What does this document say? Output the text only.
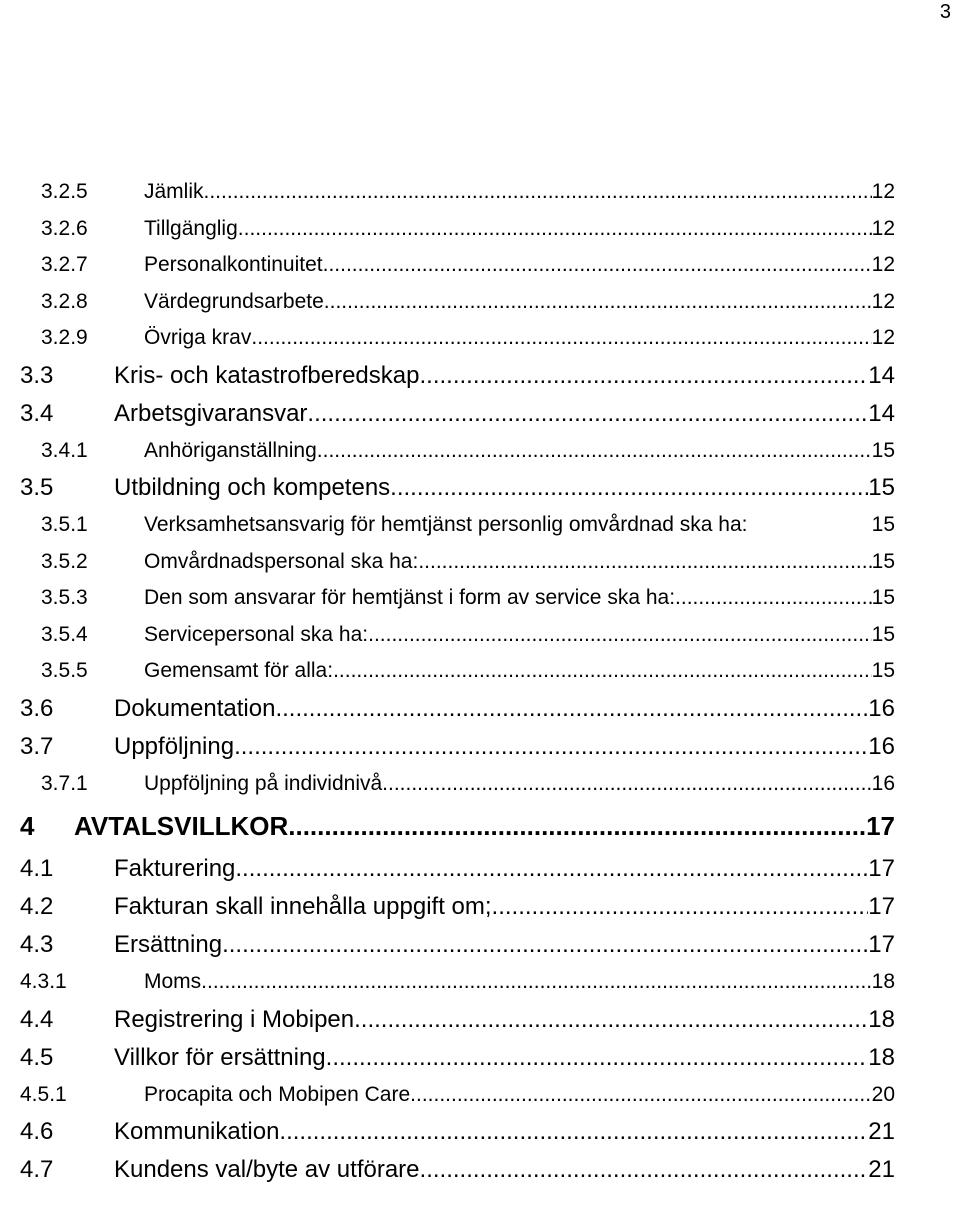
3
3.2.5	Jämlik .....	12
3.2.6	Tillgänglig .....	12
3.2.7	Personalkontinuitet .....	12
3.2.8	Värdegrundsarbete .....	12
3.2.9	Övriga krav .....	12
3.3	Kris- och katastrofberedskap .....	14
3.4	Arbetsgivaransvar .....	14
3.4.1	Anhöriganställning .....	15
3.5	Utbildning och kompetens .....	15
3.5.1	Verksamhetsansvarig för hemtjänst personlig omvårdnad ska ha:	15
3.5.2	Omvårdnadspersonal ska ha: .....	15
3.5.3	Den som ansvarar för hemtjänst i form av service ska ha: .....	15
3.5.4	Servicepersonal ska ha: .....	15
3.5.5	Gemensamt för alla: .....	15
3.6	Dokumentation .....	16
3.7	Uppföljning .....	16
3.7.1	Uppföljning på individnivå .....	16
4	AVTALSVILLKOR .....	17
4.1	Fakturering .....	17
4.2	Fakturan skall innehålla uppgift om; .....	17
4.3	Ersättning .....	17
4.3.1	Moms .....	18
4.4	Registrering i Mobipen .....	18
4.5	Villkor för ersättning .....	18
4.5.1	Procapita och Mobipen Care .....	20
4.6	Kommunikation .....	21
4.7	Kundens val/byte av utförare .....	21
